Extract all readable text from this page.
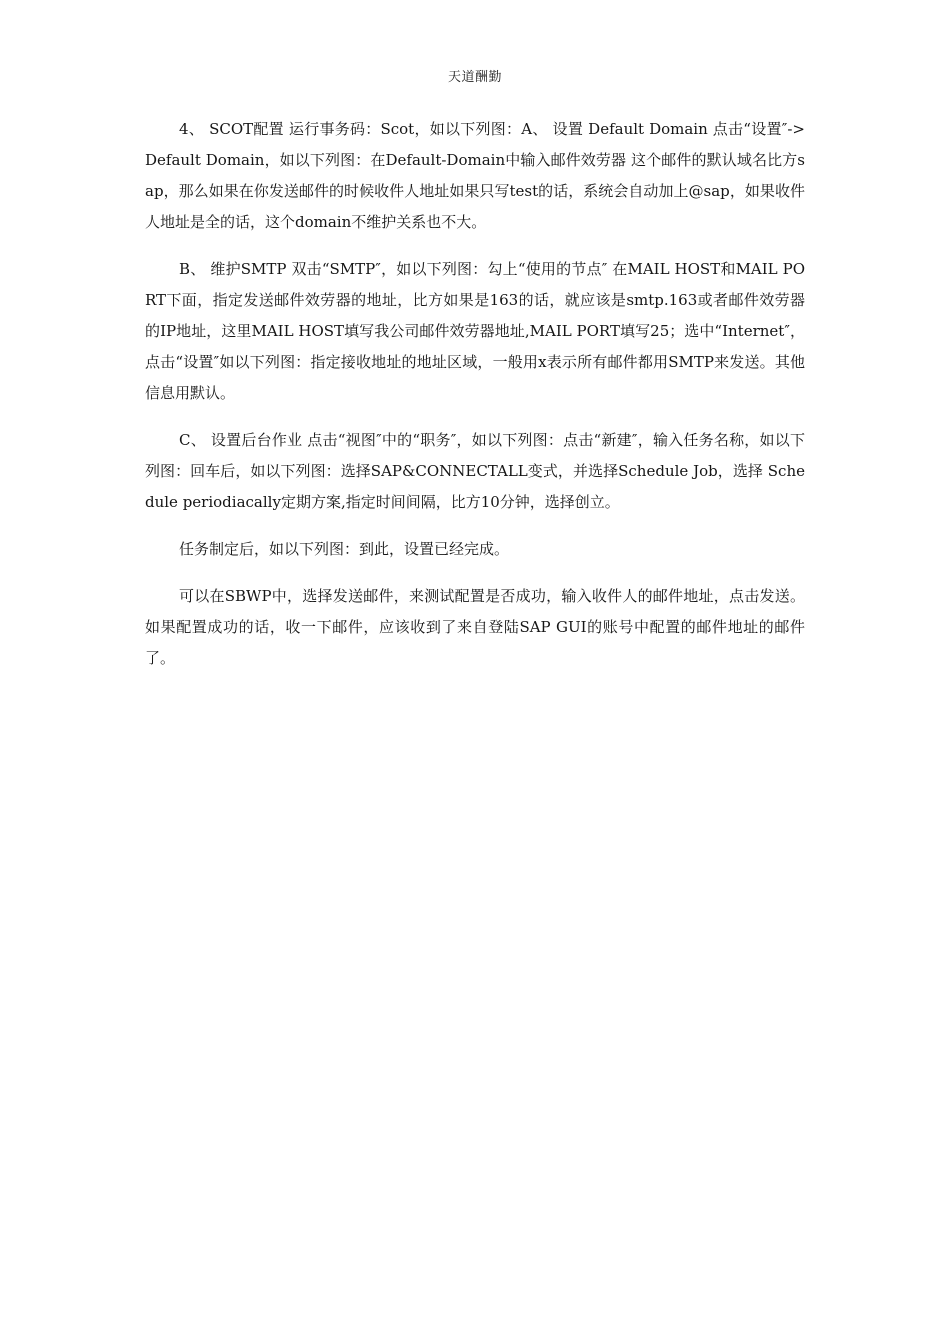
天道酬勤

4、 SCOT配置 运行事务码：Scot，如以下列图：A、 设置 Default Domain 点击“设置″->Default Domain，如以下列图：在Default-Domain中输入邮件效劳器 这个邮件的默认域名比方sap，那么如果在你发送邮件的时候收件人地址如果只写test的话，系统会自动加上@sap，如果收件人地址是全的话，这个domain不维护关系也不大。

B、 维护SMTP 双击“SMTP″，如以下列图：勾上“使用的节点″ 在MAIL HOST和MAIL PORT下面，指定发送邮件效劳器的地址，比方如果是163的话，就应该是smtp.163或者邮件效劳器的IP地址，这里MAIL HOST填写我公司邮件效劳器地址,MAIL PORT填写25；选中“Internet″，点击“设置″如以下列图：指定接收地址的地址区域，一般用x表示所有邮件都用SMTP来发送。其他信息用默认。

C、 设置后台作业 点击“视图″中的“职务″，如以下列图：点击“新建″，输入任务名称，如以下列图：回车后，如以下列图：选择SAP&CONNECTALL变式，并选择Schedule Job，选择 Schedule periodiacally定期方案,指定时间间隔，比方10分钟，选择创立。

任务制定后，如以下列图：到此，设置已经完成。

可以在SBWP中，选择发送邮件，来测试配置是否成功，输入收件人的邮件地址，点击发送。如果配置成功的话，收一下邮件，应该收到了来自登陆SAP GUI的账号中配置的邮件地址的邮件了。
